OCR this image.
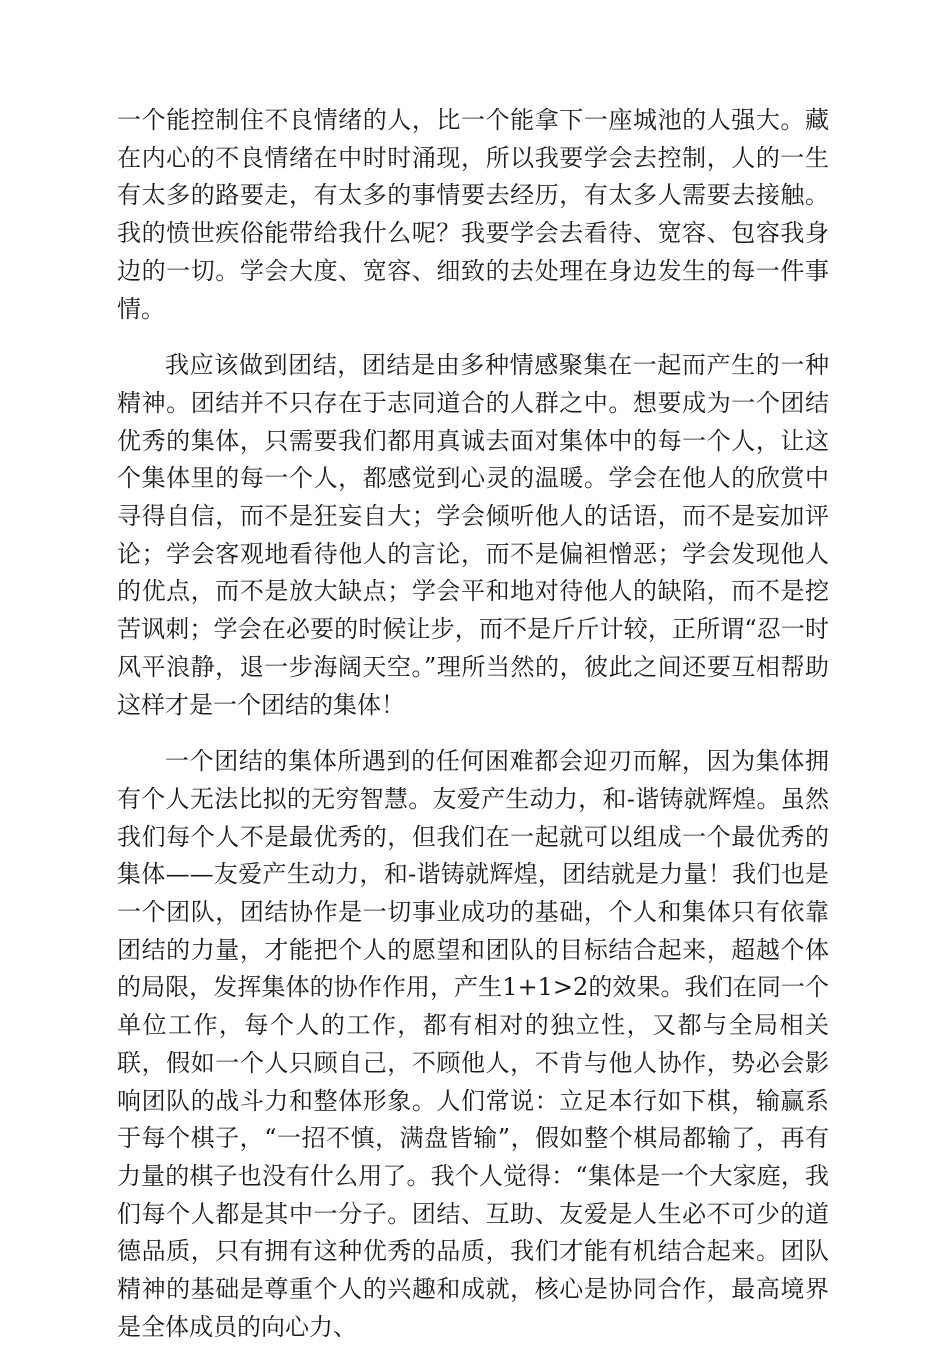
一个能控制住不良情绪的人，比一个能拿下一座城池的人强大。藏在内心的不良情绪在中时时涌现，所以我要学会去控制，人的一生有太多的路要走，有太多的事情要去经历，有太多人需要去接触。我的愤世疾俗能带给我什么呢？我要学会去看待、宽容、包容我身边的一切。学会大度、宽容、细致的去处理在身边发生的每一件事情。

我应该做到团结，团结是由多种情感聚集在一起而产生的一种精神。团结并不只存在于志同道合的人群之中。想要成为一个团结优秀的集体，只需要我们都用真诚去面对集体中的每一个人，让这个集体里的每一个人，都感觉到心灵的温暖。学会在他人的欣赏中寻得自信，而不是狂妄自大；学会倾听他人的话语，而不是妄加评论；学会客观地看待他人的言论，而不是偏袒憎恶；学会发现他人的优点，而不是放大缺点；学会平和地对待他人的缺陷，而不是挖苦讽刺；学会在必要的时候让步，而不是斤斤计较，正所谓“忍一时风平浪静，退一步海阔天空。”理所当然的，彼此之间还要互相帮助这样才是一个团结的集体！

一个团结的集体所遇到的任何困难都会迎刃而解，因为集体拥有个人无法比拟的无穷智慧。友爱产生动力，和-谐铸就辉煌。虽然我们每个人不是最优秀的，但我们在一起就可以组成一个最优秀的集体——友爱产生动力，和-谐铸就辉煌，团结就是力量！我们也是一个团队，团结协作是一切事业成功的基础，个人和集体只有依靠团结的力量，才能把个人的愿望和团队的目标结合起来，超越个体的局限，发挥集体的协作作用，产生1+1>2的效果。我们在同一个单位工作，每个人的工作，都有相对的独立性，又都与全局相关联，假如一个人只顾自己，不顾他人，不肯与他人协作，势必会影响团队的战斗力和整体形象。人们常说：立足本行如下棋，输赢系于每个棋子，“一招不慎，满盘皆输”，假如整个棋局都输了，再有力量的棋子也没有什么用了。我个人觉得：“集体是一个大家庭，我们每个人都是其中一分子。团结、互助、友爱是人生必不可少的道德品质，只有拥有这种优秀的品质，我们才能有机结合起来。团队精神的基础是尊重个人的兴趣和成就，核心是协同合作，最高境界是全体成员的向心力、
